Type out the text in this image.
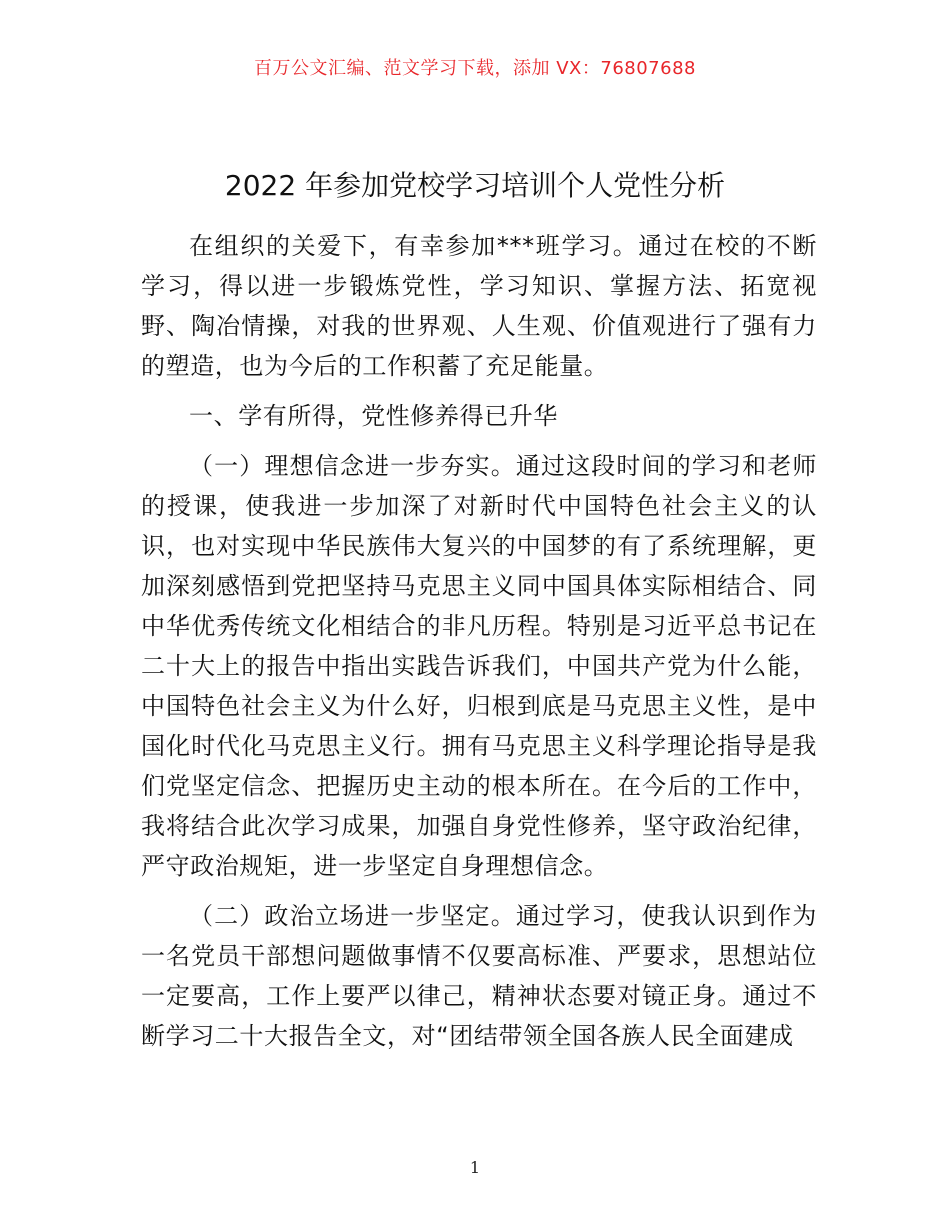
百万公文汇编、范文学习下载，添加 VX：76807688
2022 年参加党校学习培训个人党性分析

在组织的关爱下，有幸参加***班学习。通过在校的不断学习，得以进一步锻炼党性，学习知识、掌握方法、拓宽视野、陶冶情操，对我的世界观、人生观、价值观进行了强有力的塑造，也为今后的工作积蓄了充足能量。

一、学有所得，党性修养得已升华

（一）理想信念进一步夯实。通过这段时间的学习和老师的授课，使我进一步加深了对新时代中国特色社会主义的认识，也对实现中华民族伟大复兴的中国梦的有了系统理解，更加深刻感悟到党把坚持马克思主义同中国具体实际相结合、同中华优秀传统文化相结合的非凡历程。特别是习近平总书记在二十大上的报告中指出实践告诉我们，中国共产党为什么能，中国特色社会主义为什么好，归根到底是马克思主义性，是中国化时代化马克思主义行。拥有马克思主义科学理论指导是我们党坚定信念、把握历史主动的根本所在。在今后的工作中，我将结合此次学习成果，加强自身党性修养，坚守政治纪律，严守政治规矩，进一步坚定自身理想信念。

（二）政治立场进一步坚定。通过学习，使我认识到作为一名党员干部想问题做事情不仅要高标准、严要求，思想站位一定要高，工作上要严以律己，精神状态要对镜正身。通过不断学习二十大报告全文，对“团结带领全国各族人民全面建成

1
